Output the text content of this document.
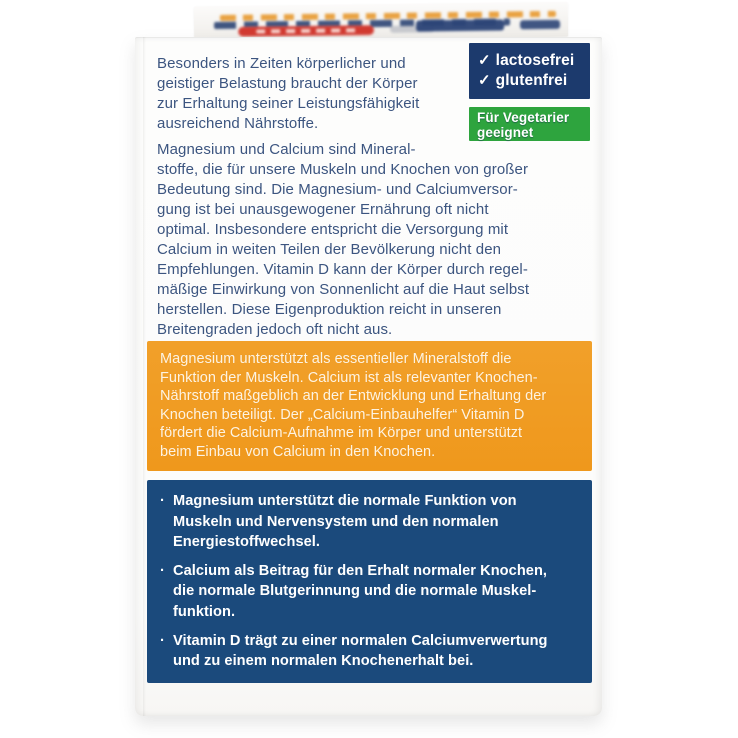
✓ lactosefrei
✓ glutenfrei
Für Vegetarier
geeignet
Besonders in Zeiten körperlicher und
geistiger Belastung braucht der Körper
zur Erhaltung seiner Leistungsfähigkeit
ausreichend Nährstoffe.
Magnesium und Calcium sind Mineral-
stoffe, die für unsere Muskeln und Knochen von großer
Bedeutung sind. Die Magnesium- und Calciumversor-
gung ist bei unausgewogener Ernährung oft nicht
optimal. Insbesondere entspricht die Versorgung mit
Calcium in weiten Teilen der Bevölkerung nicht den
Empfehlungen. Vitamin D kann der Körper durch regel-
mäßige Einwirkung von Sonnenlicht auf die Haut selbst
herstellen. Diese Eigenproduktion reicht in unseren
Breitengraden jedoch oft nicht aus.
Magnesium unterstützt als essentieller Mineralstoff die
Funktion der Muskeln. Calcium ist als relevanter Knochen-
Nährstoff maßgeblich an der Entwicklung und Erhaltung der
Knochen beteiligt. Der „Calcium-Einbauhelfer“ Vitamin D
fördert die Calcium-Aufnahme im Körper und unterstützt
beim Einbau von Calcium in den Knochen.
· Magnesium unterstützt die normale Funktion von
Muskeln und Nervensystem und den normalen
Energiestoffwechsel.
· Calcium als Beitrag für den Erhalt normaler Knochen,
die normale Blutgerinnung und die normale Muskel-
funktion.
· Vitamin D trägt zu einer normalen Calciumverwertung
und zu einem normalen Knochenerhalt bei.
